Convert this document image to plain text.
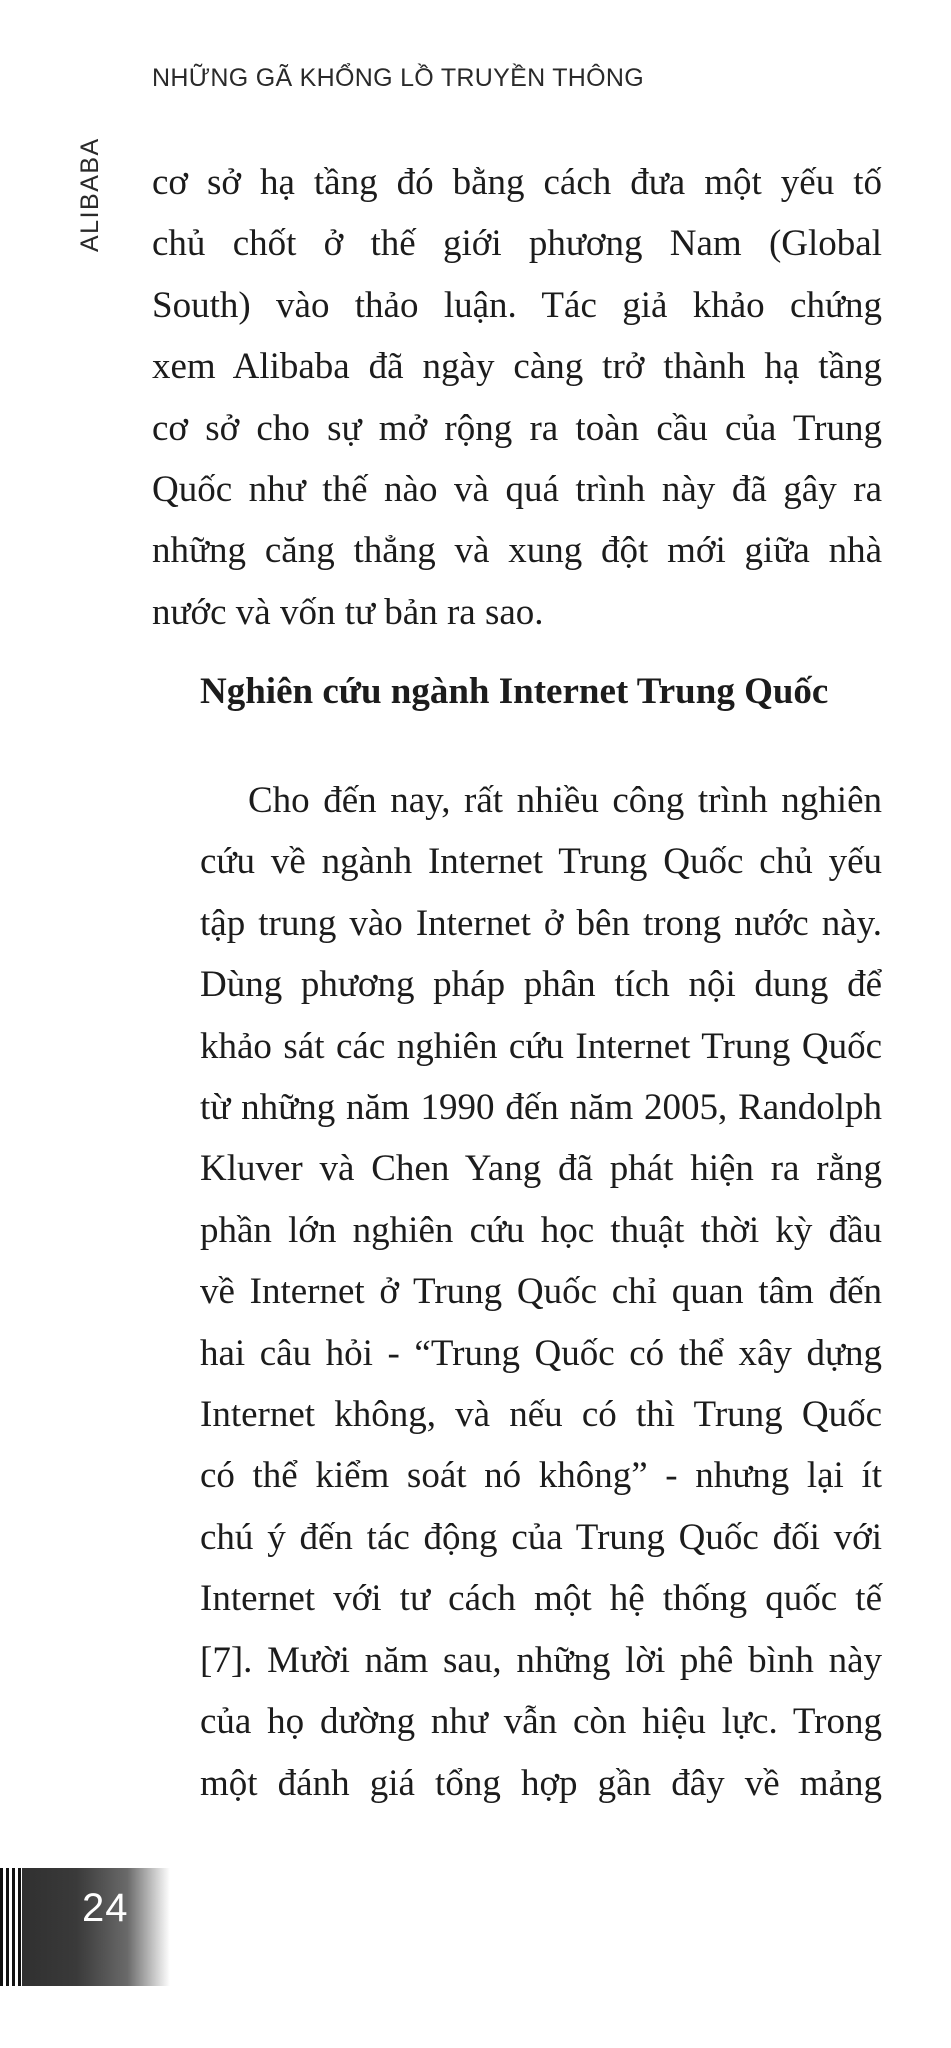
NHỮNG GÃ KHỔNG LỒ TRUYỀN THÔNG
ALIBABA cơ sở hạ tầng đó bằng cách đưa một yếu tố
chủ chốt ở thế giới phương Nam (Global
South) vào thảo luận. Tác giả khảo chứng
xem Alibaba đã ngày càng trở thành hạ tầng
cơ sở cho sự mở rộng ra toàn cầu của Trung
Quốc như thế nào và quá trình này đã gây ra
những căng thẳng và xung đột mới giữa nhà
nước và vốn tư bản ra sao.
Nghiên cứu ngành Internet Trung Quốc
Cho đến nay, rất nhiều công trình nghiên
cứu về ngành Internet Trung Quốc chủ yếu
tập trung vào Internet ở bên trong nước này.
Dùng phương pháp phân tích nội dung để
khảo sát các nghiên cứu Internet Trung Quốc
từ những năm 1990 đến năm 2005, Randolph
Kluver và Chen Yang đã phát hiện ra rằng
phần lớn nghiên cứu học thuật thời kỳ đầu
về Internet ở Trung Quốc chỉ quan tâm đến
hai câu hỏi - “Trung Quốc có thể xây dựng
Internet không, và nếu có thì Trung Quốc
có thể kiểm soát nó không” - nhưng lại ít
chú ý đến tác động của Trung Quốc đối với
Internet với tư cách một hệ thống quốc tế
[7]. Mười năm sau, những lời phê bình này
của họ dường như vẫn còn hiệu lực. Trong
một đánh giá tổng hợp gần đây về mảng
24
